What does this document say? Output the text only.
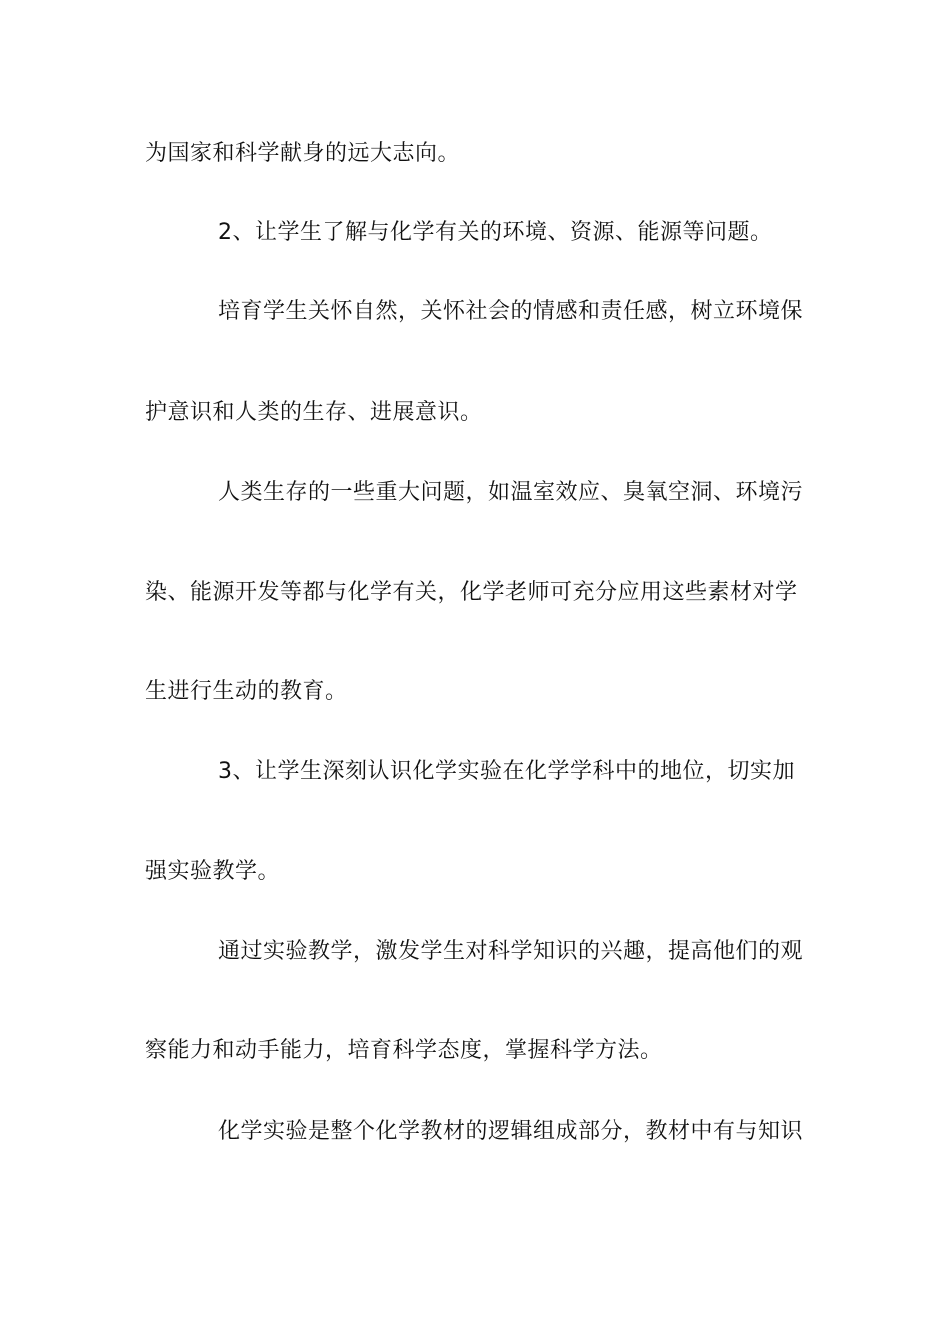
为国家和科学献身的远大志向。
2、让学生了解与化学有关的环境、资源、能源等问题。
培育学生关怀自然，关怀社会的情感和责任感，树立环境保
护意识和人类的生存、进展意识。
人类生存的一些重大问题，如温室效应、臭氧空洞、环境污
染、能源开发等都与化学有关，化学老师可充分应用这些素材对学
生进行生动的教育。
3、让学生深刻认识化学实验在化学学科中的地位，切实加
强实验教学。
通过实验教学，激发学生对科学知识的兴趣，提高他们的观
察能力和动手能力，培育科学态度，掌握科学方法。
化学实验是整个化学教材的逻辑组成部分，教材中有与知识
